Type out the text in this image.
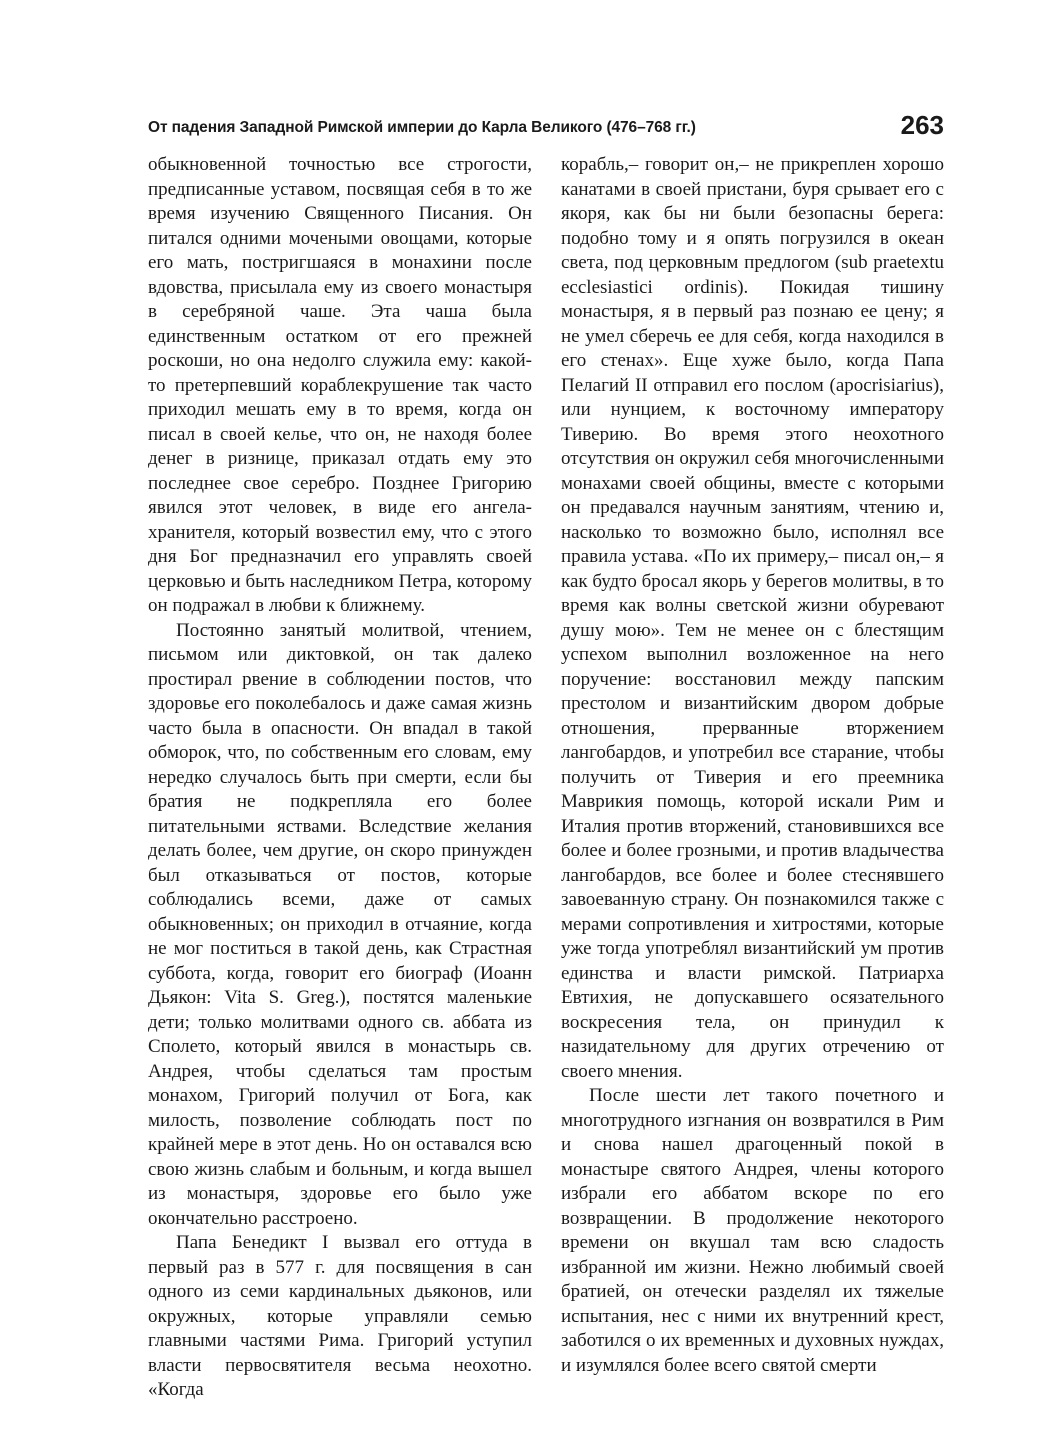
От падения Западной Римской империи до Карла Великого (476–768 гг.)	263

обыкновенной точностью все строгости, предписанные уставом, посвящая себя в то же время изучению Священного Писания. Он питался одними мочеными овощами, которые его мать, постригшаяся в монахини после вдовства, присылала ему из своего монастыря в серебряной чаше. Эта чаша была единственным остатком от его прежней роскоши, но она недолго служила ему: какой-то претерпевший кораблекрушение так часто приходил мешать ему в то время, когда он писал в своей келье, что он, не находя более денег в ризнице, приказал отдать ему это последнее свое серебро. Позднее Григорию явился этот человек, в виде его ангела-хранителя, который возвестил ему, что с этого дня Бог предназначил его управлять своей церковью и быть наследником Петра, которому он подражал в любви к ближнему.

Постоянно занятый молитвой, чтением, письмом или диктовкой, он так далеко простирал рвение в соблюдении постов, что здоровье его поколебалось и даже самая жизнь часто была в опасности. Он впадал в такой обморок, что, по собственным его словам, ему нередко случалось быть при смерти, если бы братия не подкрепляла его более питательными яствами. Вследствие желания делать более, чем другие, он скоро принужден был отказываться от постов, которые соблюдались всеми, даже от самых обыкновенных; он приходил в отчаяние, когда не мог поститься в такой день, как Страстная суббота, когда, говорит его биограф (Иоанн Дьякон: Vita S. Greg.), постятся маленькие дети; только молитвами одного св. аббата из Сполето, который явился в монастырь св. Андрея, чтобы сделаться там простым монахом, Григорий получил от Бога, как милость, позволение соблюдать пост по крайней мере в этот день. Но он оставался всю свою жизнь слабым и больным, и когда вышел из монастыря, здоровье его было уже окончательно расстроено.

Папа Бенедикт I вызвал его оттуда в первый раз в 577 г. для посвящения в сан одного из семи кардинальных дьяконов, или окружных, которые управляли семью главными частями Рима. Григорий уступил власти первосвятителя весьма неохотно. «Когда

корабль,– говорит он,– не прикреплен хорошо канатами в своей пристани, буря срывает его с якоря, как бы ни были безопасны берега: подобно тому и я опять погрузился в океан света, под церковным предлогом (sub praetextu ecclesiastici ordinis). Покидая тишину монастыря, я в первый раз познаю ее цену; я не умел сберечь ее для себя, когда находился в его стенах». Еще хуже было, когда Папа Пелагий II отправил его послом (apocrisiarius), или нунцием, к восточному императору Тиверию. Во время этого неохотного отсутствия он окружил себя многочисленными монахами своей общины, вместе с которыми он предавался научным занятиям, чтению и, насколько то возможно было, исполнял все правила устава. «По их примеру,– писал он,– я как будто бросал якорь у берегов молитвы, в то время как волны светской жизни обуревают душу мою». Тем не менее он с блестящим успехом выполнил возложенное на него поручение: восстановил между папским престолом и византийским двором добрые отношения, прерванные вторжением лангобардов, и употребил все старание, чтобы получить от Тиверия и его преемника Маврикия помощь, которой искали Рим и Италия против вторжений, становившихся все более и более грозными, и против владычества лангобардов, все более и более стеснявшего завоеванную страну. Он познакомился также с мерами сопротивления и хитростями, которые уже тогда употреблял византийский ум против единства и власти римской. Патриарха Евтихия, не допускавшего осязательного воскресения тела, он принудил к назидательному для других отречению от своего мнения.

После шести лет такого почетного и многотрудного изгнания он возвратился в Рим и снова нашел драгоценный покой в монастыре святого Андрея, члены которого избрали его аббатом вскоре по его возвращении. В продолжение некоторого времени он вкушал там всю сладость избранной им жизни. Нежно любимый своей братией, он отечески разделял их тяжелые испытания, нес с ними их внутренний крест, заботился о их временных и духовных нуждах, и изумлялся более всего святой смерти
